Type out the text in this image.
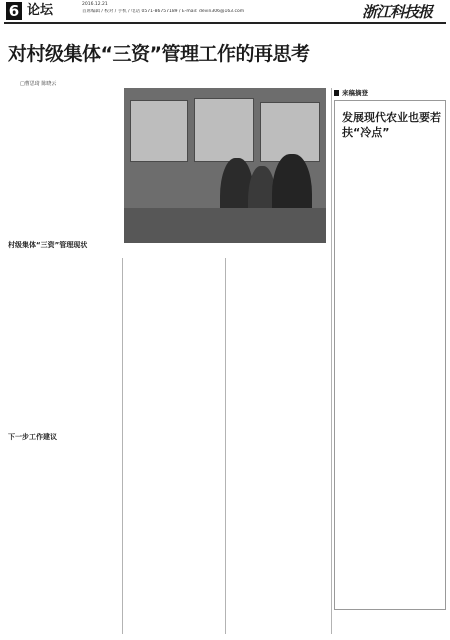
6 论坛	2016.12.21
首席编辑 / 校对 / 手机 / 电话 0571-86757189 / E-mail: devin306@163.com	浙江科技报
对村级集体“三资”管理工作的再思考
□曹思琦 陈晓云
村级集体“三资”管理现状
下一步工作建议
来稿摘登
发展现代农业也要若扶“冷点”
